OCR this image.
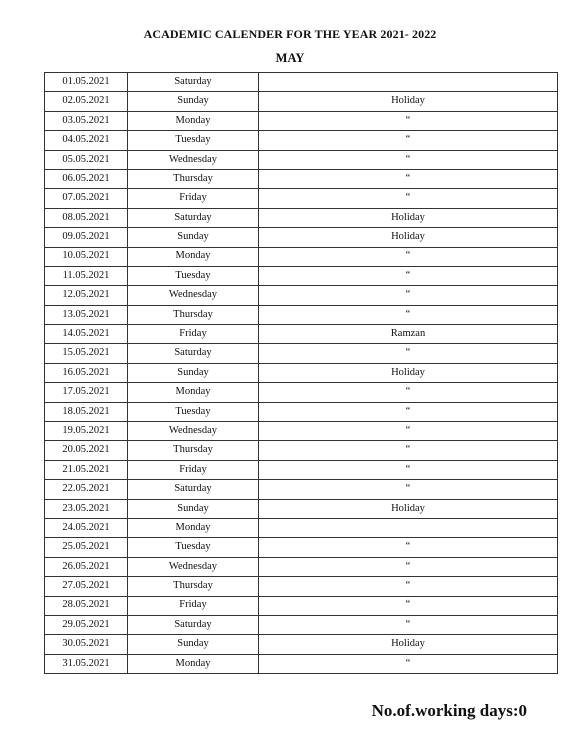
ACADEMIC CALENDER FOR THE YEAR 2021- 2022
MAY
01.05.2021	Saturday	
02.05.2021	Sunday	Holiday
03.05.2021	Monday	“
04.05.2021	Tuesday	“
05.05.2021	Wednesday	“
06.05.2021	Thursday	“
07.05.2021	Friday	“
08.05.2021	Saturday	Holiday
09.05.2021	Sunday	Holiday
10.05.2021	Monday	“
11.05.2021	Tuesday	“
12.05.2021	Wednesday	“
13.05.2021	Thursday	“
14.05.2021	Friday	Ramzan
15.05.2021	Saturday	“
16.05.2021	Sunday	Holiday
17.05.2021	Monday	“
18.05.2021	Tuesday	“
19.05.2021	Wednesday	“
20.05.2021	Thursday	“
21.05.2021	Friday	“
22.05.2021	Saturday	“
23.05.2021	Sunday	Holiday
24.05.2021	Monday	
25.05.2021	Tuesday	“
26.05.2021	Wednesday	“
27.05.2021	Thursday	“
28.05.2021	Friday	“
29.05.2021	Saturday	“
30.05.2021	Sunday	Holiday
31.05.2021	Monday	“
No.of.working days:0
